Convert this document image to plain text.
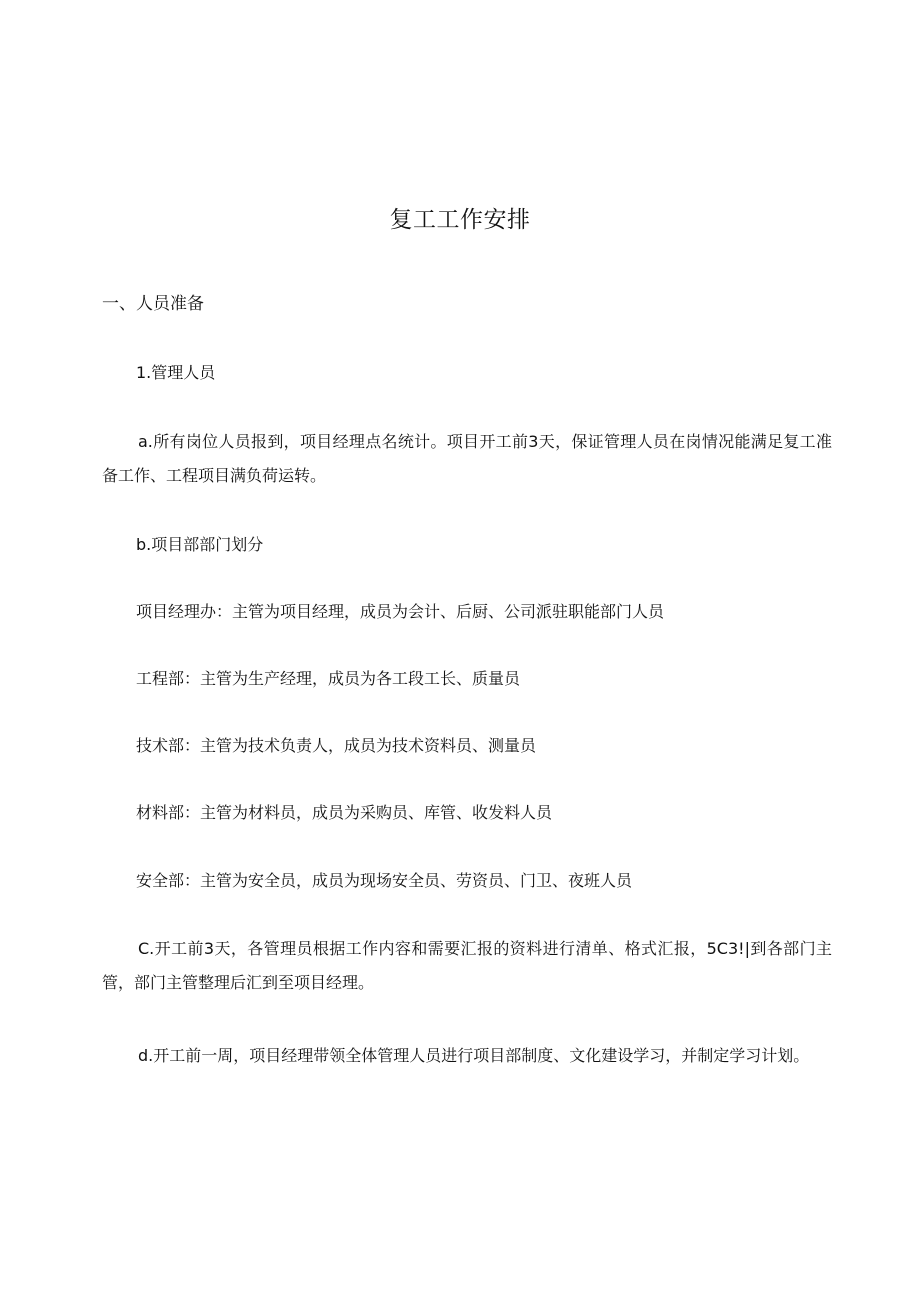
复工工作安排
一、人员准备
1.管理人员
a.所有岗位人员报到，项目经理点名统计。项目开工前3天，保证管理人员在岗情况能满足复工准备工作、工程项目满负荷运转。
b.项目部部门划分
项目经理办：主管为项目经理，成员为会计、后厨、公司派驻职能部门人员
工程部：主管为生产经理，成员为各工段工长、质量员
技术部：主管为技术负责人，成员为技术资料员、测量员
材料部：主管为材料员，成员为采购员、库管、收发料人员
安全部：主管为安全员，成员为现场安全员、劳资员、门卫、夜班人员
C.开工前3天，各管理员根据工作内容和需要汇报的资料进行清单、格式汇报，5C3!|到各部门主管，部门主管整理后汇到至项目经理。
d.开工前一周，项目经理带领全体管理人员进行项目部制度、文化建设学习，并制定学习计划。
